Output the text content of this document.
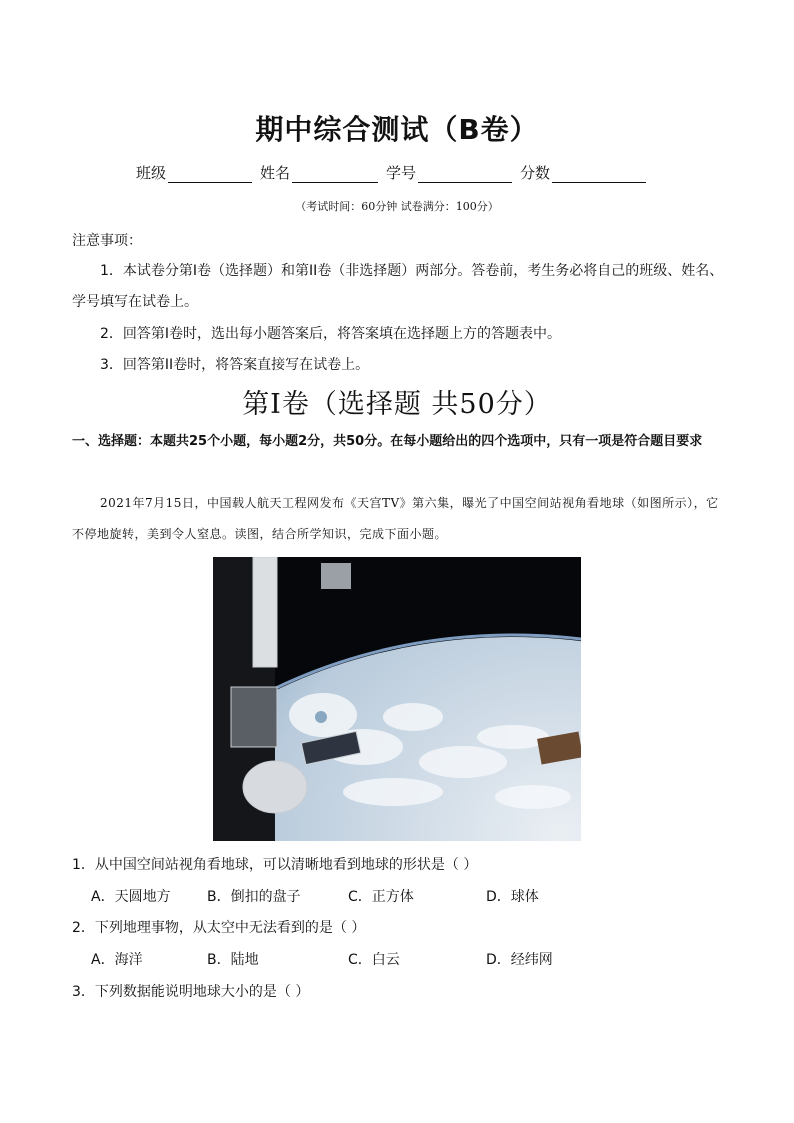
期中综合测试（B卷）
班级	姓名	学号	分数
（考试时间：60分钟 试卷满分：100分）
注意事项：
1．本试卷分第I卷（选择题）和第II卷（非选择题）两部分。答卷前，考生务必将自己的班级、姓名、学号填写在试卷上。
2．回答第I卷时，选出每小题答案后，将答案填在选择题上方的答题表中。
3．回答第II卷时，将答案直接写在试卷上。
第I卷（选择题 共50分）
一、选择题：本题共25个小题，每小题2分，共50分。在每小题给出的四个选项中，只有一项是符合题目要求
2021年7月15日，中国载人航天工程网发布《天宫TV》第六集，曝光了中国空间站视角看地球（如图所示），它不停地旋转，美到令人窒息。读图，结合所学知识，完成下面小题。
1．从中国空间站视角看地球，可以清晰地看到地球的形状是（ ）
A．天圆地方	B．倒扣的盘子	C．正方体	D．球体
2．下列地理事物，从太空中无法看到的是（ ）
A．海洋	B．陆地	C．白云	D．经纬网
3．下列数据能说明地球大小的是（ ）
